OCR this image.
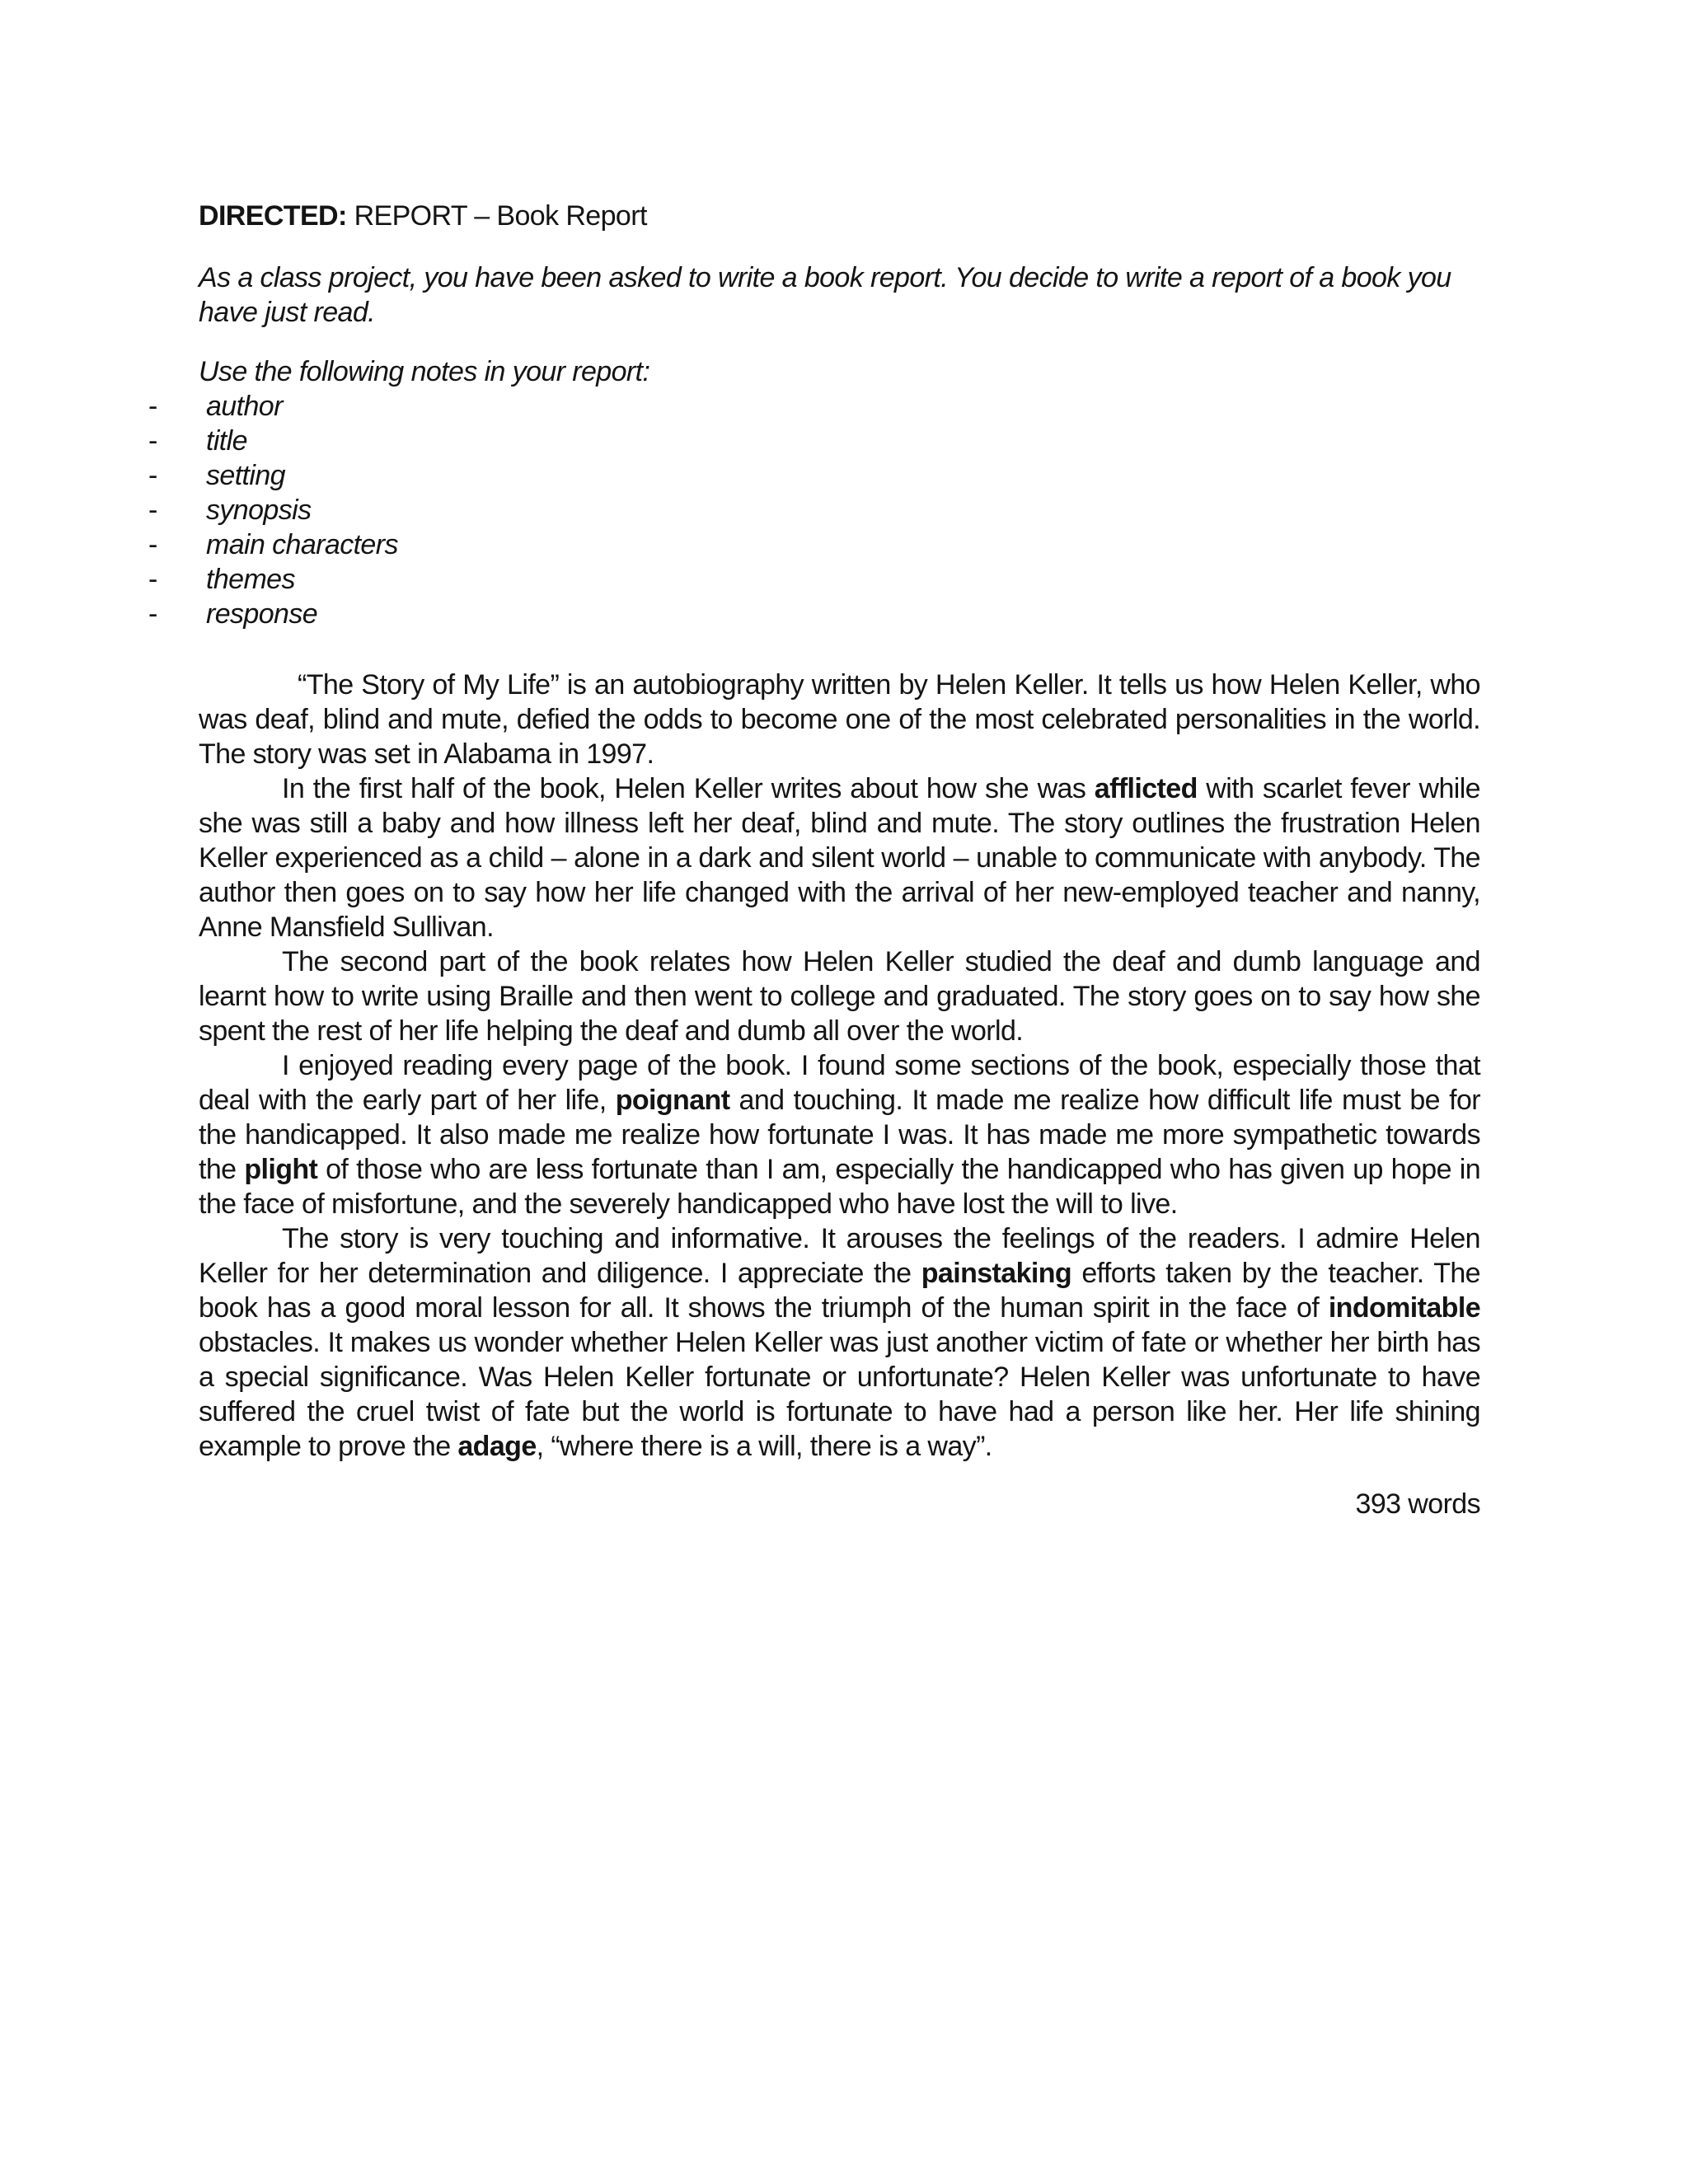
DIRECTED: REPORT – Book Report

As a class project, you have been asked to write a book report. You decide to write a report of a book you have just read.

Use the following notes in your report:

-	author
-	title
-	setting
-	synopsis
-	main characters
-	themes
-	response

“The Story of My Life” is an autobiography written by Helen Keller. It tells us how Helen Keller, who was deaf, blind and mute, defied the odds to become one of the most celebrated personalities in the world. The story was set in Alabama in 1997.

In the first half of the book, Helen Keller writes about how she was afflicted with scarlet fever while she was still a baby and how illness left her deaf, blind and mute. The story outlines the frustration Helen Keller experienced as a child – alone in a dark and silent world – unable to communicate with anybody. The author then goes on to say how her life changed with the arrival of her new-employed teacher and nanny, Anne Mansfield Sullivan.

The second part of the book relates how Helen Keller studied the deaf and dumb language and learnt how to write using Braille and then went to college and graduated. The story goes on to say how she spent the rest of her life helping the deaf and dumb all over the world.

I enjoyed reading every page of the book. I found some sections of the book, especially those that deal with the early part of her life, poignant and touching. It made me realize how difficult life must be for the handicapped. It also made me realize how fortunate I was. It has made me more sympathetic towards the plight of those who are less fortunate than I am, especially the handicapped who has given up hope in the face of misfortune, and the severely handicapped who have lost the will to live.

The story is very touching and informative. It arouses the feelings of the readers. I admire Helen Keller for her determination and diligence. I appreciate the painstaking efforts taken by the teacher. The book has a good moral lesson for all. It shows the triumph of the human spirit in the face of indomitable obstacles. It makes us wonder whether Helen Keller was just another victim of fate or whether her birth has a special significance. Was Helen Keller fortunate or unfortunate? Helen Keller was unfortunate to have suffered the cruel twist of fate but the world is fortunate to have had a person like her. Her life shining example to prove the adage, “where there is a will, there is a way”.

393 words
